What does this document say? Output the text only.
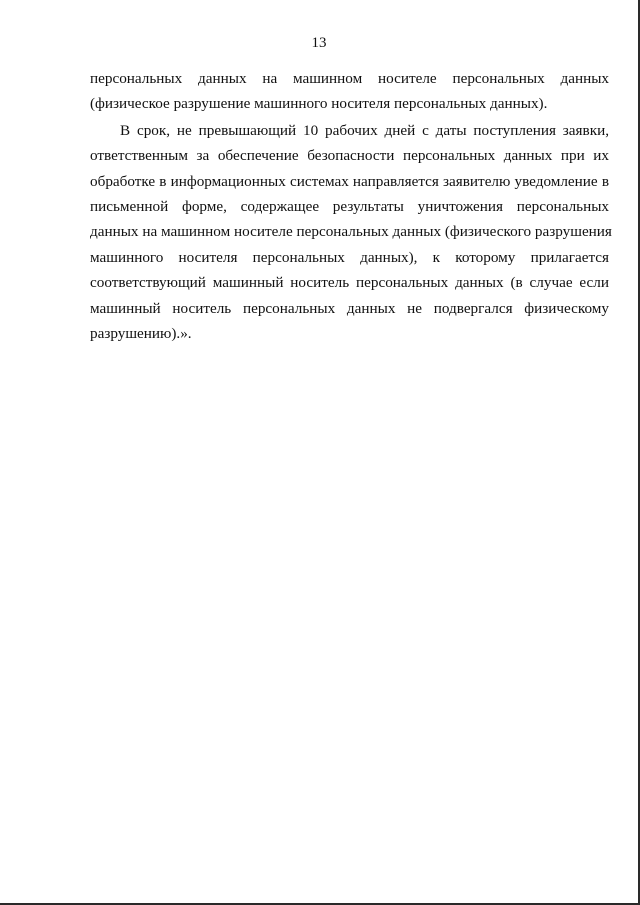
13
персональных данных на машинном носителе персональных данных
(физическое разрушение машинного носителя персональных данных).
В срок, не превышающий 10 рабочих дней с даты поступления заявки,
ответственным за обеспечение безопасности персональных данных при их
обработке в информационных системах направляется заявителю уведомление в
письменной форме, содержащее результаты уничтожения персональных
данных на машинном носителе персональных данных (физического разрушения
машинного носителя персональных данных), к которому прилагается
соответствующий машинный носитель персональных данных (в случае если
машинный носитель персональных данных не подвергался физическому
разрушению).».
